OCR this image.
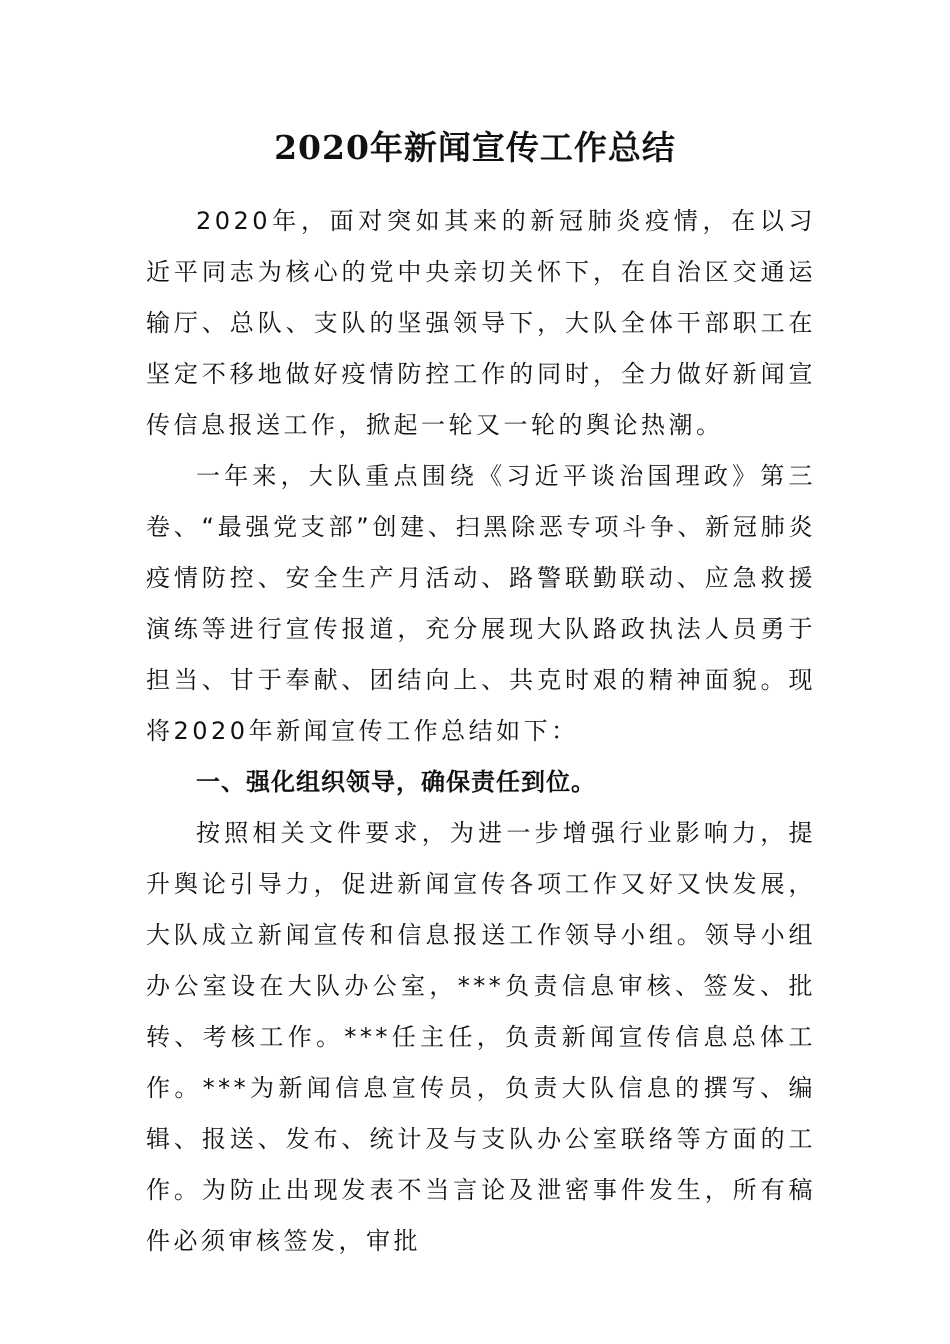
2020年新闻宣传工作总结

2020年，面对突如其来的新冠肺炎疫情，在以习近平同志为核心的党中央亲切关怀下，在自治区交通运输厅、总队、支队的坚强领导下，大队全体干部职工在坚定不移地做好疫情防控工作的同时，全力做好新闻宣传信息报送工作，掀起一轮又一轮的舆论热潮。

一年来，大队重点围绕《习近平谈治国理政》第三卷、“最强党支部”创建、扫黑除恶专项斗争、新冠肺炎疫情防控、安全生产月活动、路警联勤联动、应急救援演练等进行宣传报道，充分展现大队路政执法人员勇于担当、甘于奉献、团结向上、共克时艰的精神面貌。现将2020年新闻宣传工作总结如下：

一、强化组织领导，确保责任到位。

按照相关文件要求，为进一步增强行业影响力，提升舆论引导力，促进新闻宣传各项工作又好又快发展，大队成立新闻宣传和信息报送工作领导小组。领导小组办公室设在大队办公室，***负责信息审核、签发、批转、考核工作。***任主任，负责新闻宣传信息总体工作。***为新闻信息宣传员，负责大队信息的撰写、编辑、报送、发布、统计及与支队办公室联络等方面的工作。为防止出现发表不当言论及泄密事件发生，所有稿件必须审核签发，审批
